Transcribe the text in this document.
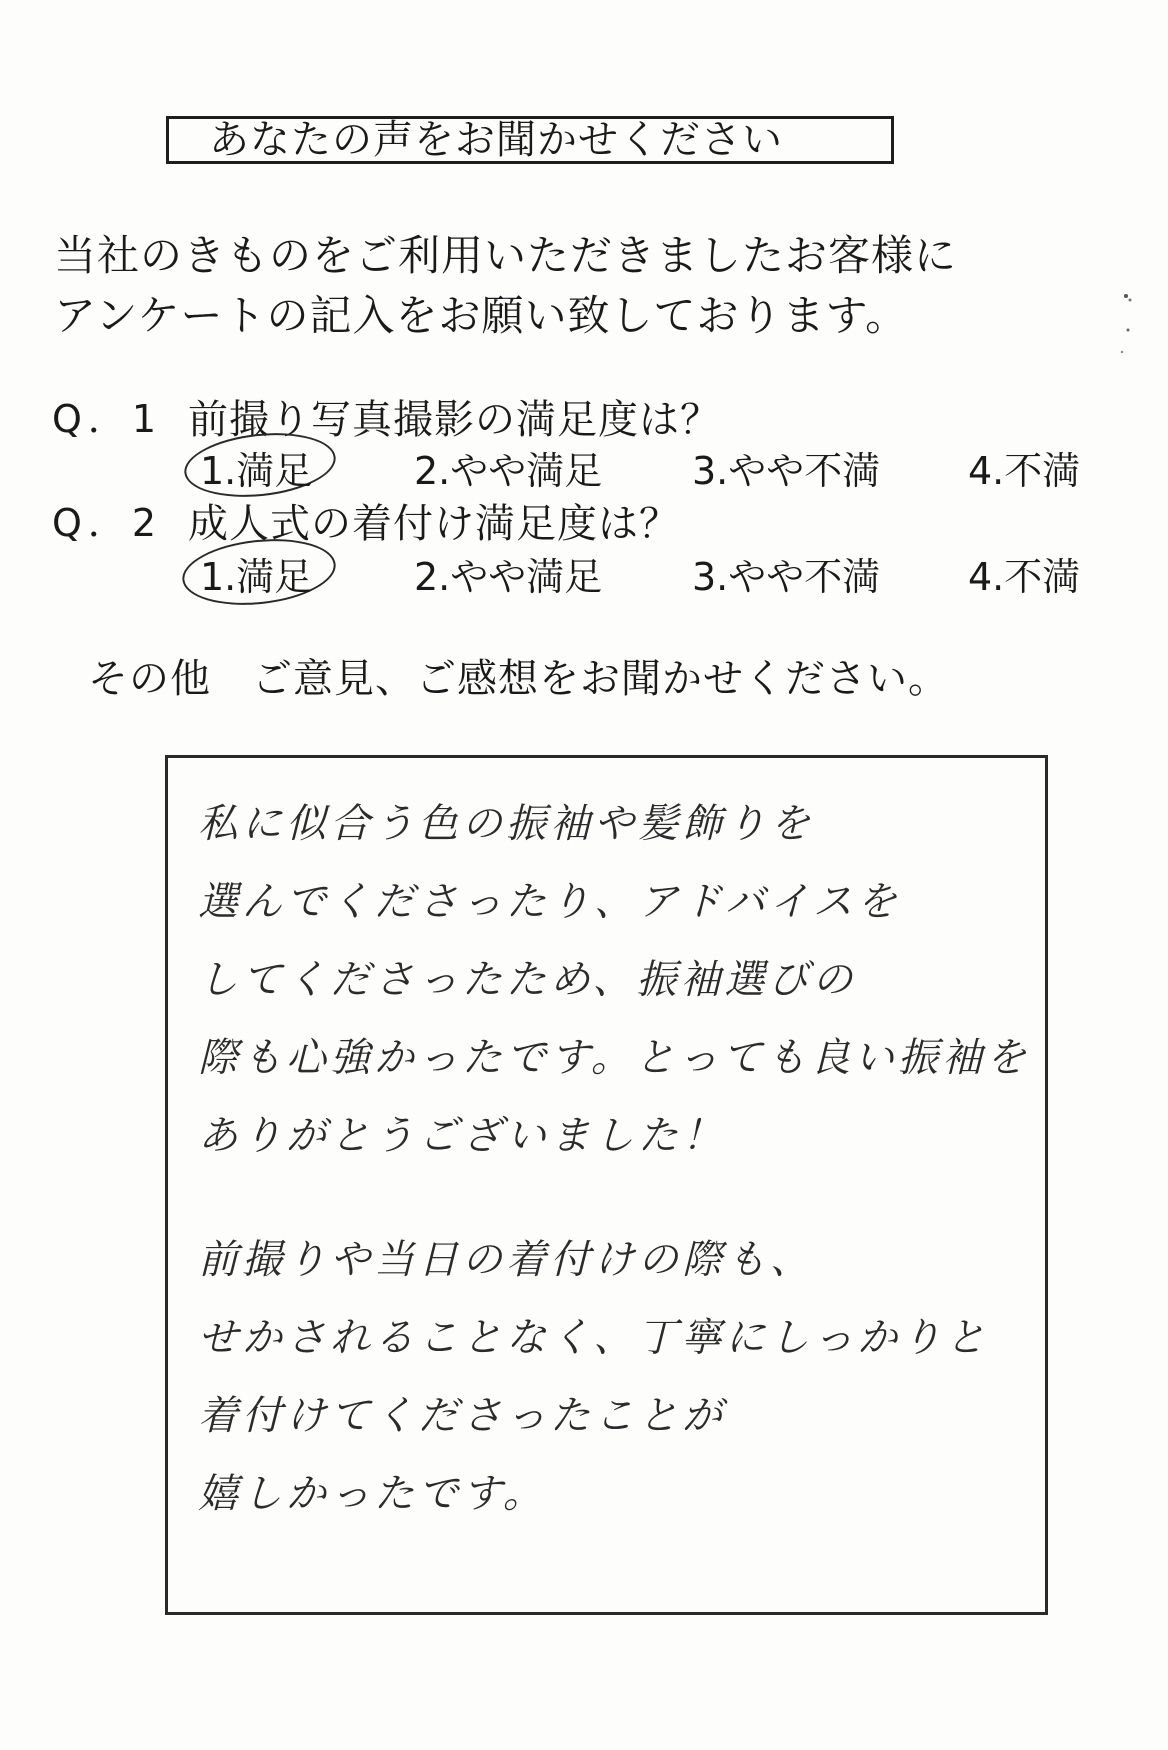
あなたの声をお聞かせください
当社のきものをご利用いただきましたお客様に
アンケートの記入をお願い致しております。
Q．1 前撮り写真撮影の満足度は？
1.満足	2.やや満足 3.やや不満 4.不満
Q．2 成人式の着付け満足度は？
1.満足	2.やや満足 3.やや不満 4.不満
その他　ご意見、ご感想をお聞かせください。
私に似合う色の振袖や髪飾りを
選んでくださったり、アドバイスを
してくださったため、振袖選びの
際も心強かったです。とっても良い振袖を
ありがとうございました！
前撮りや当日の着付けの際も、
せかされることなく、丁寧にしっかりと
着付けてくださったことが
嬉しかったです。
